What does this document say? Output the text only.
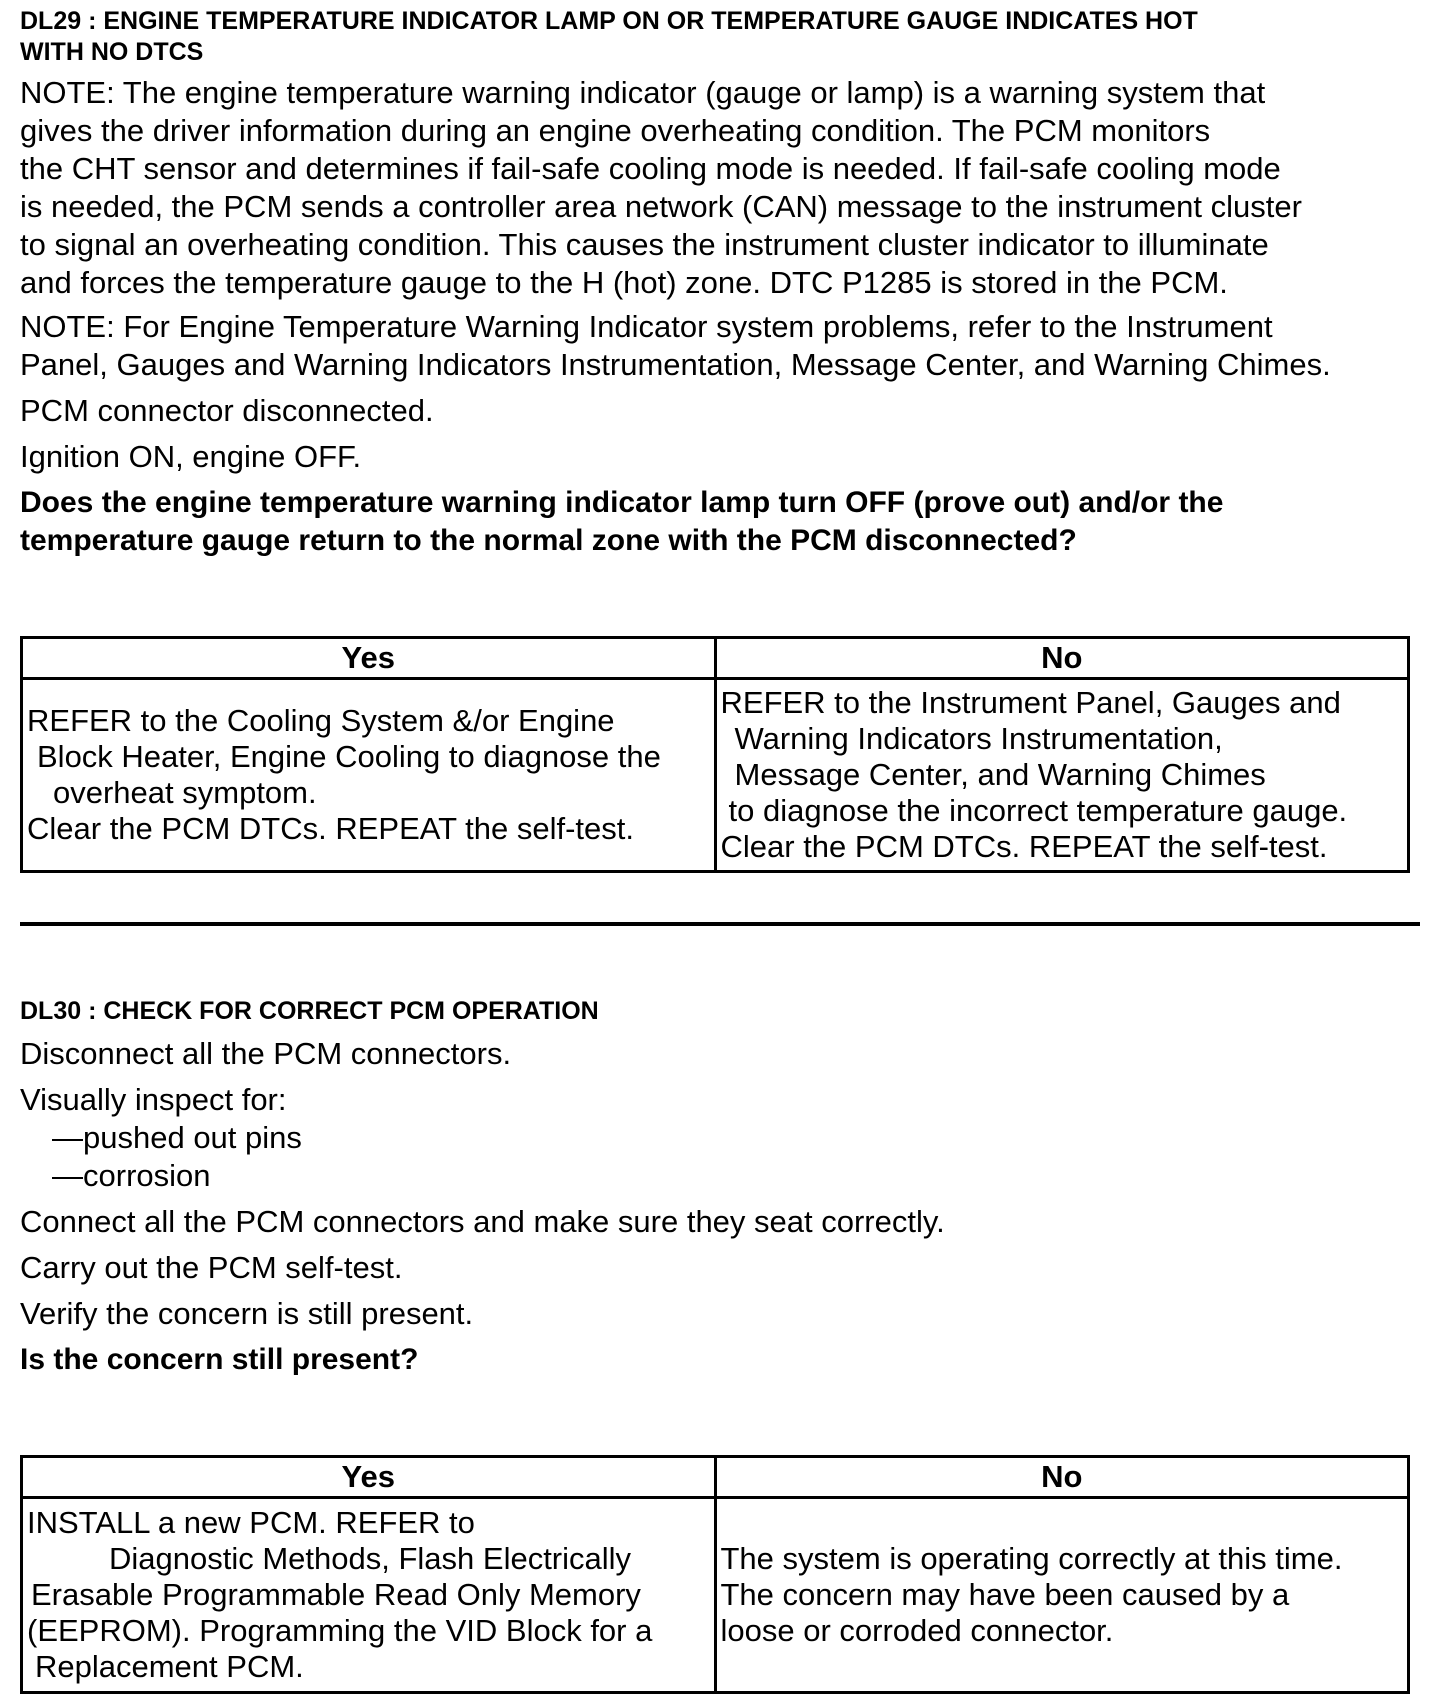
DL29 : ENGINE TEMPERATURE INDICATOR LAMP ON OR TEMPERATURE GAUGE INDICATES HOT
WITH NO DTCS
NOTE: The engine temperature warning indicator (gauge or lamp) is a warning system that
gives the driver information during an engine overheating condition. The PCM monitors
the CHT sensor and determines if fail-safe cooling mode is needed. If fail-safe cooling mode
is needed, the PCM sends a controller area network (CAN) message to the instrument cluster
to signal an overheating condition. This causes the instrument cluster indicator to illuminate
and forces the temperature gauge to the H (hot) zone. DTC P1285 is stored in the PCM.
NOTE: For Engine Temperature Warning Indicator system problems, refer to the Instrument
Panel, Gauges and Warning Indicators Instrumentation, Message Center, and Warning Chimes.
PCM connector disconnected.
Ignition ON, engine OFF.
Does the engine temperature warning indicator lamp turn OFF (prove out) and/or the
temperature gauge return to the normal zone with the PCM disconnected?
Yes	No

REFER to the Cooling System &/or Engine
Block Heater, Engine Cooling to diagnose the
overheat symptom.
Clear the PCM DTCs. REPEAT the self-test.	REFER to the Instrument Panel, Gauges and
Warning Indicators Instrumentation,
Message Center, and Warning Chimes
to diagnose the incorrect temperature gauge.
Clear the PCM DTCs. REPEAT the self-test.
DL30 : CHECK FOR CORRECT PCM OPERATION
Disconnect all the PCM connectors.
Visually inspect for:
—pushed out pins
—corrosion
Connect all the PCM connectors and make sure they seat correctly.
Carry out the PCM self-test.
Verify the concern is still present.
Is the concern still present?
Yes	No

INSTALL a new PCM. REFER to
Diagnostic Methods, Flash Electrically
Erasable Programmable Read Only Memory
(EEPROM). Programming the VID Block for a
Replacement PCM.	The system is operating correctly at this time.
The concern may have been caused by a
loose or corroded connector.
